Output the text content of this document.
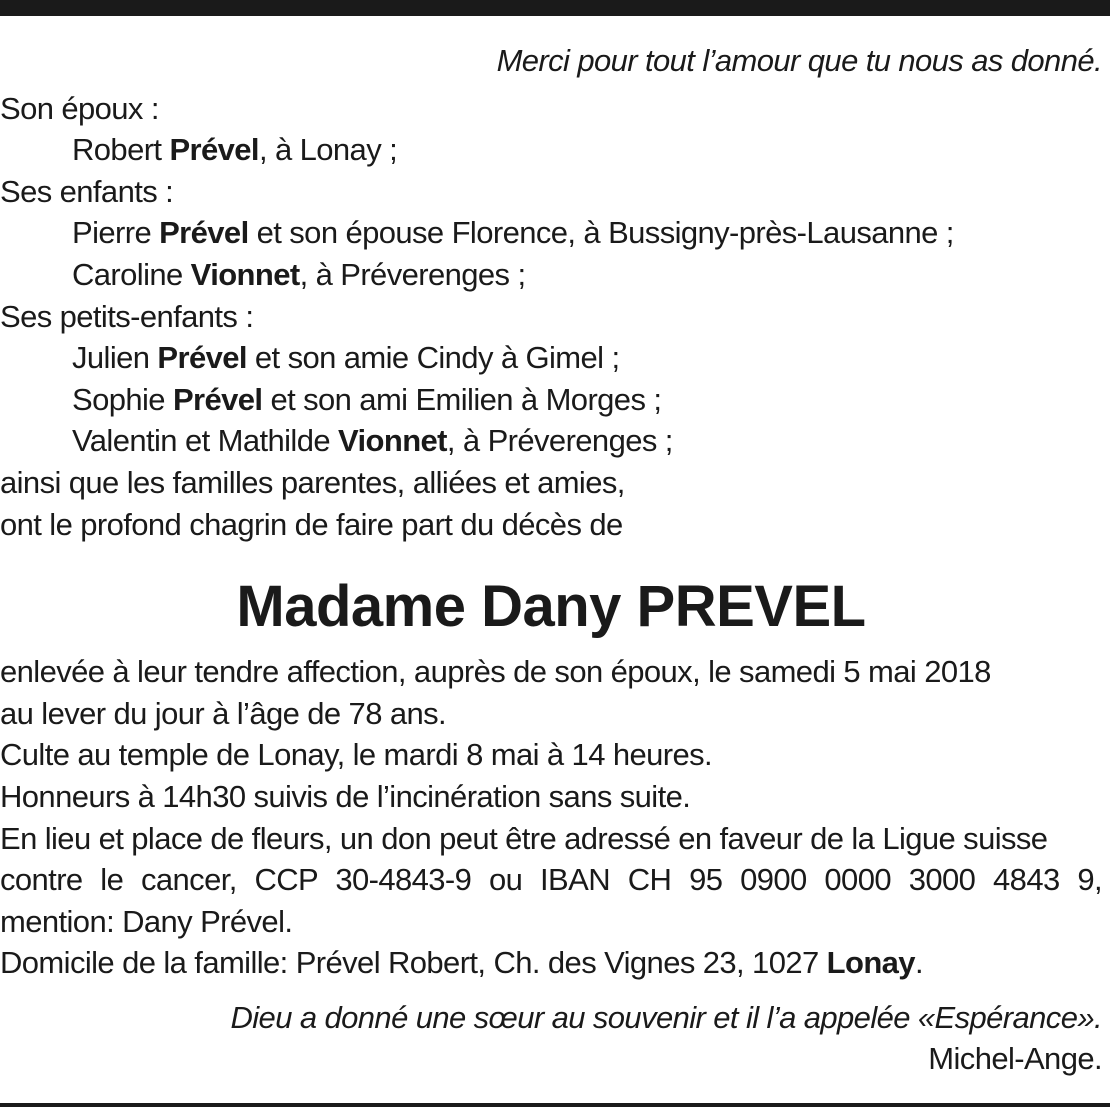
Merci pour tout l’amour que tu nous as donné.
Son époux :
Robert Prével, à Lonay ;
Ses enfants :
Pierre Prével et son épouse Florence, à Bussigny-près-Lausanne ;
Caroline Vionnet, à Préverenges ;
Ses petits-enfants :
Julien Prével et son amie Cindy à Gimel ;
Sophie Prével et son ami Emilien à Morges ;
Valentin et Mathilde Vionnet, à Préverenges ;
ainsi que les familles parentes, alliées et amies,
ont le profond chagrin de faire part du décès de
Madame Dany PREVEL
enlevée à leur tendre affection, auprès de son époux, le samedi 5 mai 2018
au lever du jour à l’âge de 78 ans.
Culte au temple de Lonay, le mardi 8 mai à 14 heures.
Honneurs à 14h30 suivis de l’incinération sans suite.
En lieu et place de fleurs, un don peut être adressé en faveur de la Ligue suisse
contre le cancer, CCP 30-4843-9 ou IBAN CH 95 0900 0000 3000 4843 9,
mention: Dany Prével.
Domicile de la famille: Prével Robert, Ch. des Vignes 23, 1027 Lonay.
Dieu a donné une sœur au souvenir et il l’a appelée «Espérance».
Michel-Ange.
